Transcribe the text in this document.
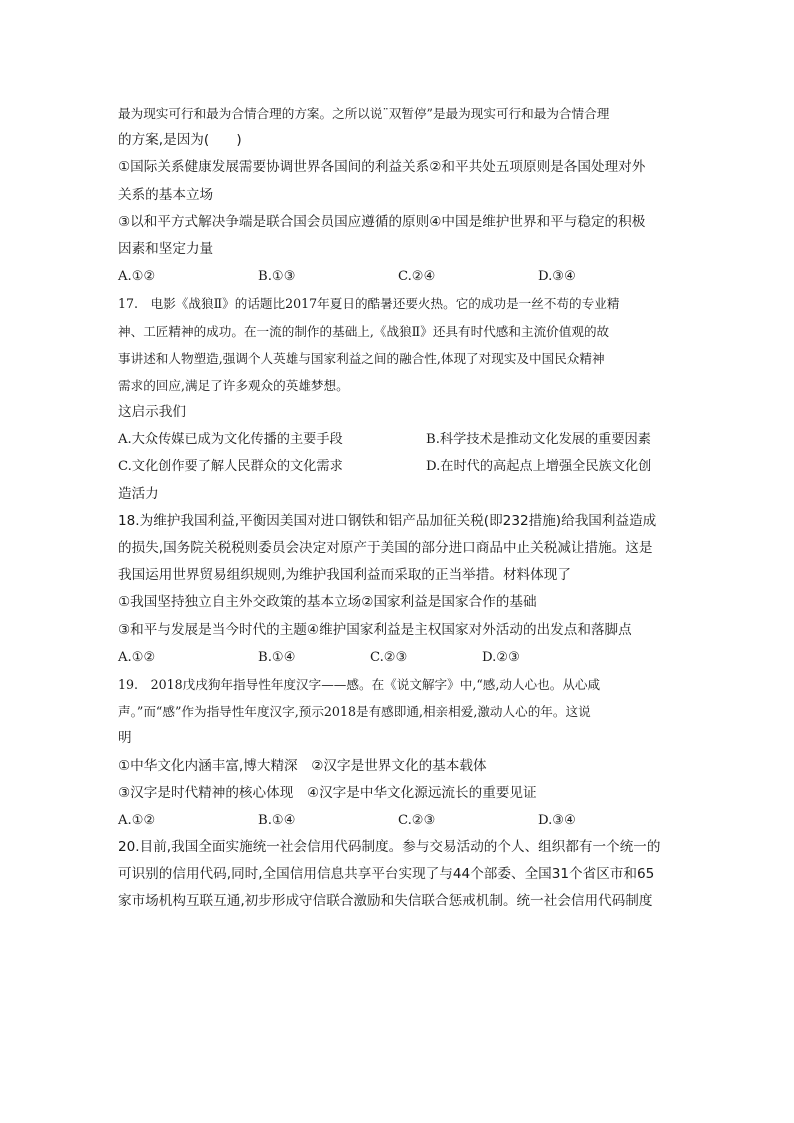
最为现实可行和最为合情合理的方案。之所以说¨双暂停”是最为现实可行和最为合情合理
的方案,是因为(　　)
①国际关系健康发展需要协调世界各国间的利益关系②和平共处五项原则是各国处理对外
关系的基本立场
③以和平方式解决争端是联合国会员国应遵循的原则④中国是维护世界和平与稳定的积极
因素和坚定力量
A.①②	B.①③	C.②④	D.③④
17.　电影《战狼Ⅱ》的话题比2017年夏日的酷暑还要火热。它的成功是一丝不苟的专业精
神、工匠精神的成功。在一流的制作的基础上,《战狼Ⅱ》还具有时代感和主流价值观的故
事讲述和人物塑造,强调个人英雄与国家利益之间的融合性,体现了对现实及中国民众精神
需求的回应,满足了许多观众的英雄梦想。
这启示我们
A.大众传媒已成为文化传播的主要手段	B.科学技术是推动文化发展的重要因素
C.文化创作要了解人民群众的文化需求	D.在时代的高起点上增强全民族文化创
造活力
18.为维护我国利益,平衡因美国对进口钢铁和铝产品加征关税(即232措施)给我国利益造成
的损失,国务院关税税则委员会决定对原产于美国的部分进口商品中止关税减让措施。这是
我国运用世界贸易组织规则,为维护我国利益而采取的正当举措。材料体现了
①我国坚持独立自主外交政策的基本立场②国家利益是国家合作的基础
③和平与发展是当今时代的主题④维护国家利益是主权国家对外活动的出发点和落脚点
A.①②	B.①④	C.②③	D.②③
19.　2018戊戌狗年指导性年度汉字——感。在《说文解字》中,“感,动人心也。从心咸
声。”而“感”作为指导性年度汉字,预示2018是有感即通,相亲相爱,激动人心的年。这说
明
①中华文化内涵丰富,博大精深　②汉字是世界文化的基本载体
③汉字是时代精神的核心体现　④汉字是中华文化源远流长的重要见证
A.①②	B.①④	C.②③	D.③④
20.目前,我国全面实施统一社会信用代码制度。参与交易活动的个人、组织都有一个统一的
可识别的信用代码,同时,全国信用信息共享平台实现了与44个部委、全国31个省区市和65
家市场机构互联互通,初步形成守信联合激励和失信联合惩戒机制。统一社会信用代码制度
